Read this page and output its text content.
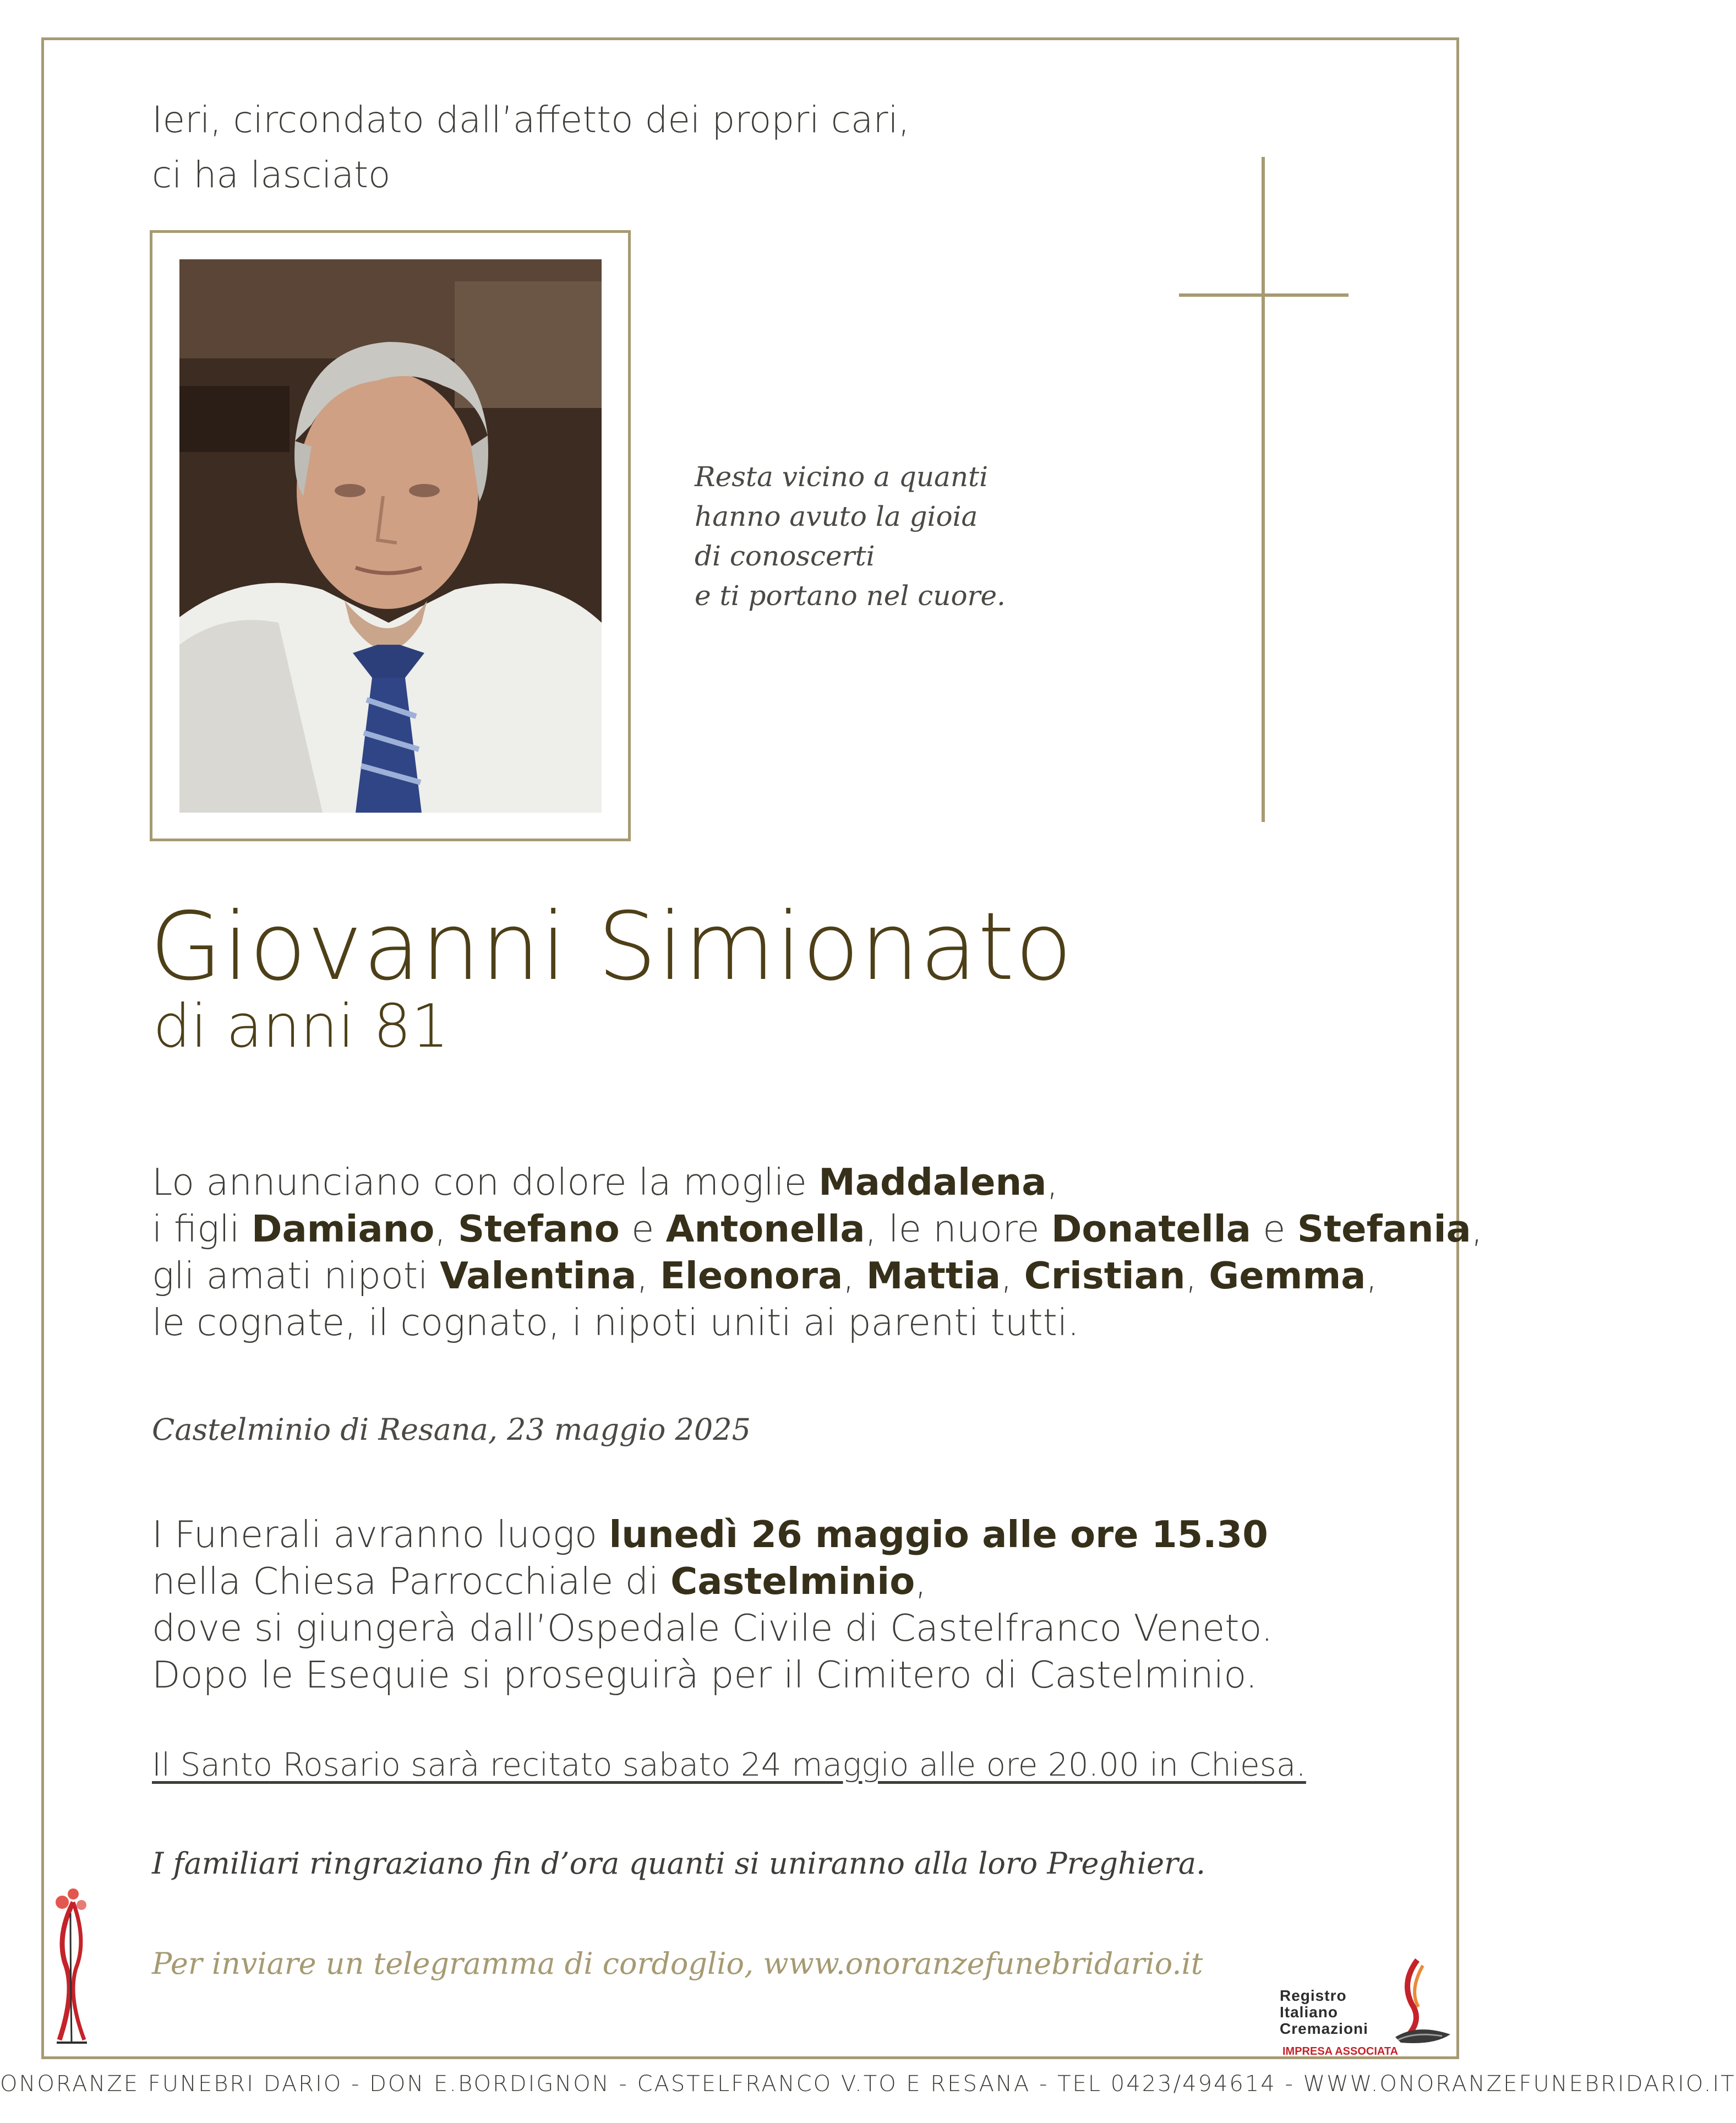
Ieri, circondato dall’affetto dei propri cari,
ci ha lasciato
Resta vicino a quanti
hanno avuto la gioia
di conoscerti
e ti portano nel cuore.
Giovanni Simionato
di anni 81
Lo annunciano con dolore la moglie Maddalena,
i figli Damiano, Stefano e Antonella, le nuore Donatella e Stefania,
gli amati nipoti Valentina, Eleonora, Mattia, Cristian, Gemma,
le cognate, il cognato, i nipoti uniti ai parenti tutti.
Castelminio di Resana, 23 maggio 2025
I Funerali avranno luogo lunedì 26 maggio alle ore 15.30
nella Chiesa Parrocchiale di Castelminio,
dove si giungerà dall’Ospedale Civile di Castelfranco Veneto.
Dopo le Esequie si proseguirà per il Cimitero di Castelminio.
Il Santo Rosario sarà recitato sabato 24 maggio alle ore 20.00 in Chiesa.
I familiari ringraziano fin d’ora quanti si uniranno alla loro Preghiera.
Per inviare un telegramma di cordoglio, www.onoranzefunebridario.it
Registro
Italiano
Cremazioni
IMPRESA ASSOCIATA
ONORANZE FUNEBRI DARIO - DON E.BORDIGNON - CASTELFRANCO V.TO E RESANA - TEL 0423/494614 - WWW.ONORANZEFUNEBRIDARIO.IT
